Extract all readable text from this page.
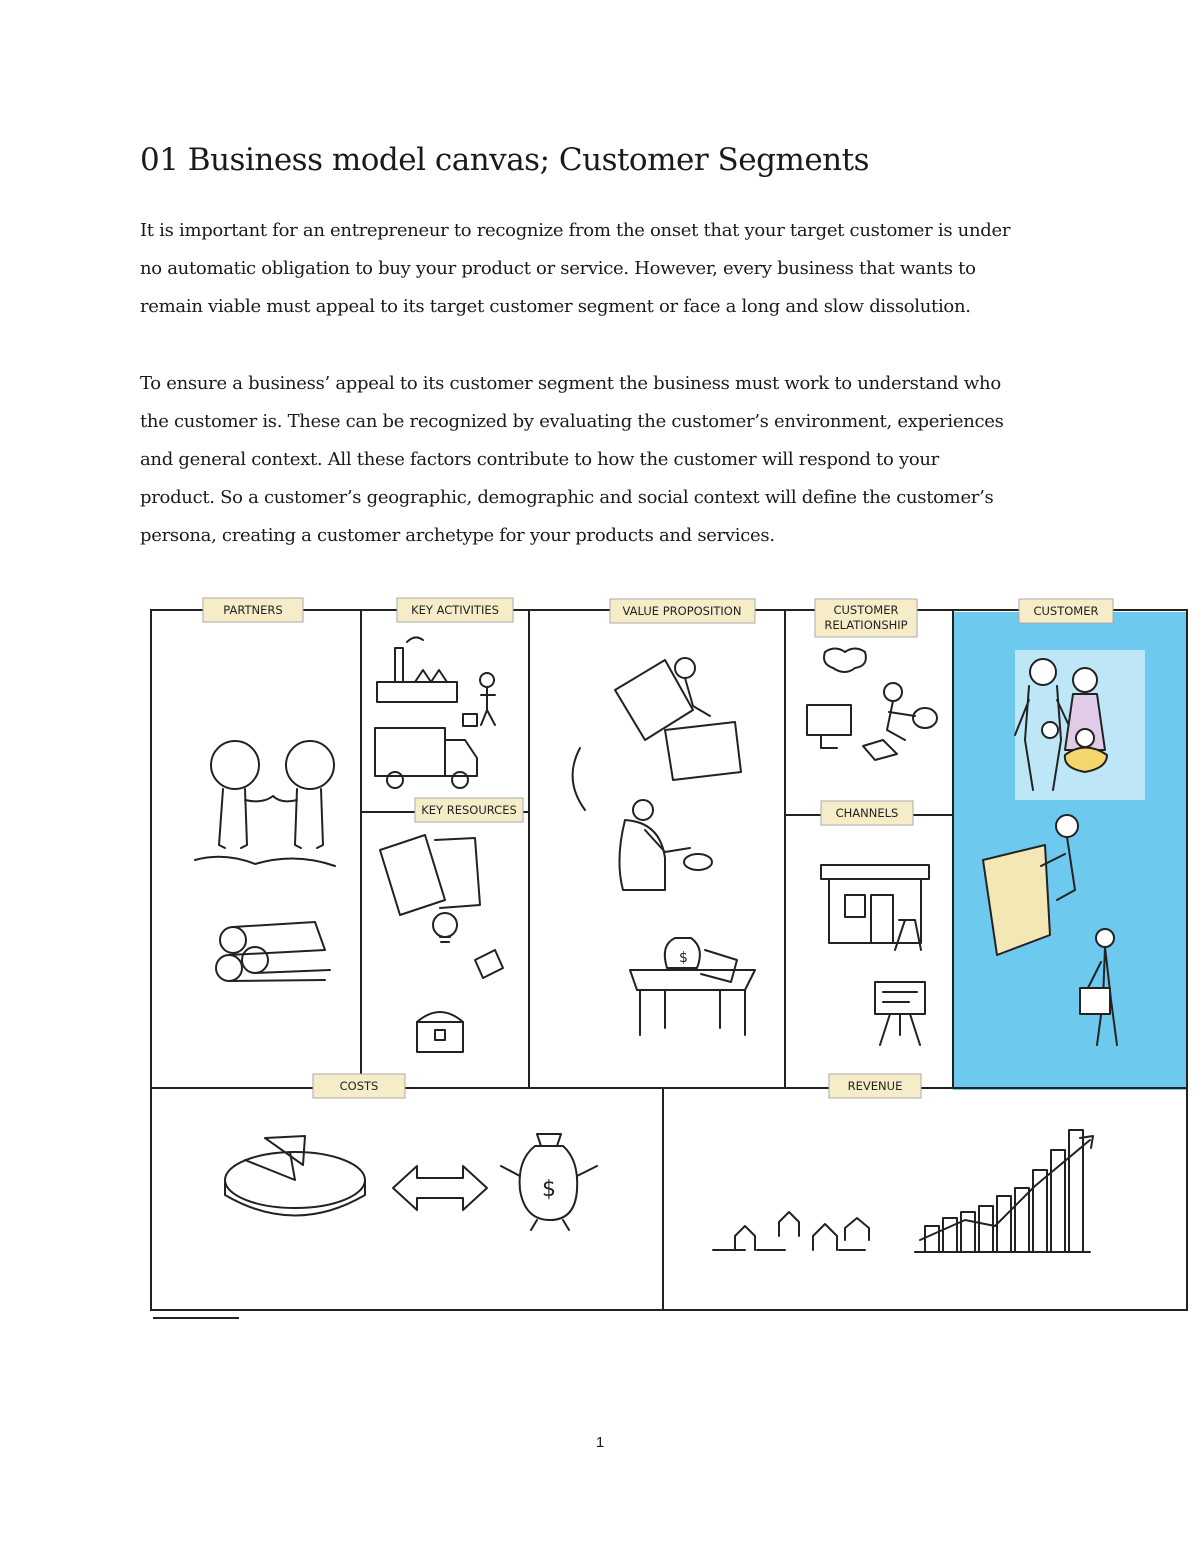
01 Business model canvas; Customer Segments
It is important for an entrepreneur to recognize from the onset that your target customer is under
no automatic obligation to buy your product or service. However, every business that wants to
remain viable must appeal to its target customer segment or face a long and slow dissolution.
To ensure a business’ appeal to its customer segment the business must work to understand who
the customer is. These can be recognized by evaluating the customer’s environment, experiences
and general context. All these factors contribute to how the customer will respond to your
product. So a customer’s geographic, demographic and social context will define the customer’s
persona, creating a customer archetype for your products and services.
PARTNERS	KEY ACTIVITIES	VALUE PROPOSITION	CUSTOMER
RELATIONSHIP
CUSTOMER
KEY RESOURCES	CHANNELS
COSTS	REVENUE
$
$
1
